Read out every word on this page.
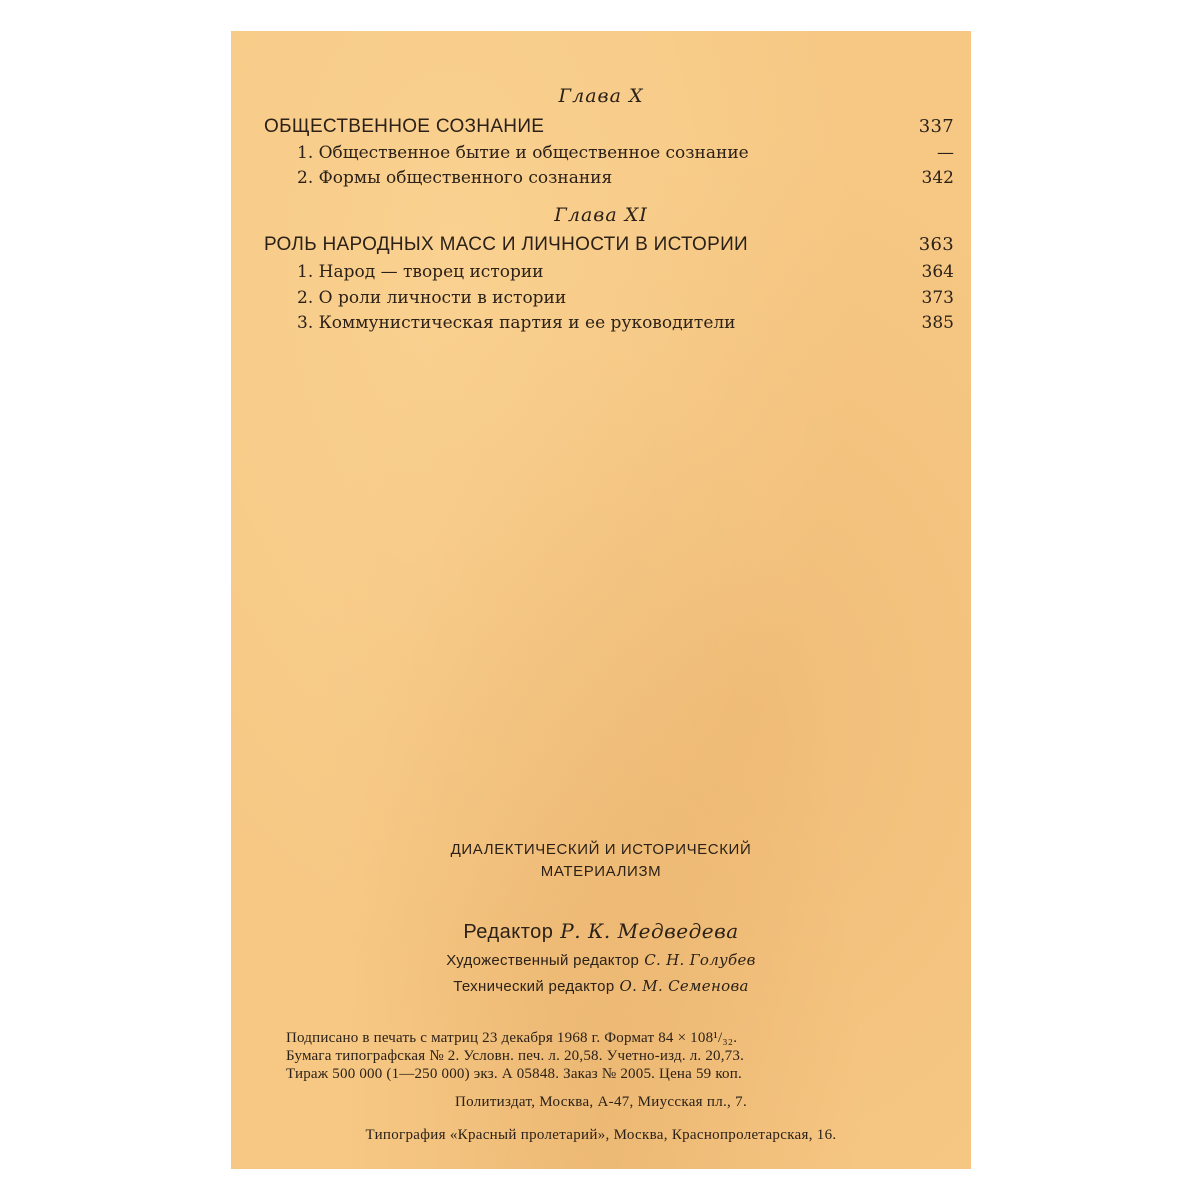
Глава X
ОБЩЕСТВЕННОЕ СОЗНАНИЕ	337
1. Общественное бытие и общественное сознание	—
2. Формы общественного сознания	342
Глава XI
РОЛЬ НАРОДНЫХ МАСС И ЛИЧНОСТИ В ИСТОРИИ	363
1. Народ — творец истории	364
2. О роли личности в истории	373
3. Коммунистическая партия и ее руководители	385
ДИАЛЕКТИЧЕСКИЙ И ИСТОРИЧЕСКИЙ
МАТЕРИАЛИЗМ
Редактор Р. К. Медведева
Художественный редактор С. Н. Голубев
Технический редактор О. М. Семенова
Подписано в печать с матриц 23 декабря 1968 г. Формат 84 × 108¹/₃₂.
Бумага типографская № 2. Условн. печ. л. 20,58. Учетно-изд. л. 20,73.
Тираж 500 000 (1—250 000) экз. А 05848. Заказ № 2005. Цена 59 коп.
Политиздат, Москва, А-47, Миусская пл., 7.
Типография «Красный пролетарий», Москва, Краснопролетарская, 16.
